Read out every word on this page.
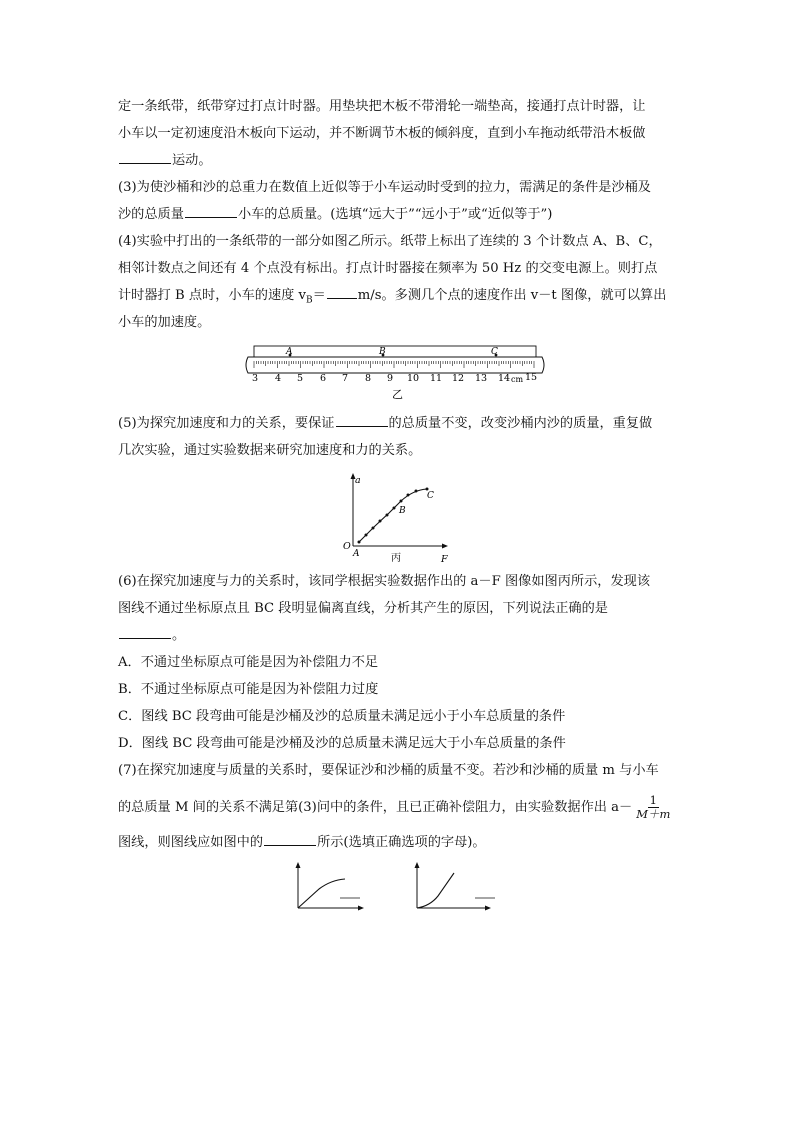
定一条纸带，纸带穿过打点计时器。用垫块把木板不带滑轮一端垫高，接通打点计时器，让

小车以一定初速度沿木板向下运动，并不断调节木板的倾斜度，直到小车拖动纸带沿木板做

运动。

(3)为使沙桶和沙的总重力在数值上近似等于小车运动时受到的拉力，需满足的条件是沙桶及

沙的总质量	小车的总质量。(选填“远大于”“远小于”或“近似等于”)

(4)实验中打出的一条纸带的一部分如图乙所示。纸带上标出了连续的 3 个计数点 A、B、C，

相邻计数点之间还有 4 个点没有标出。打点计时器接在频率为 50 Hz 的交变电源上。则打点

计时器打 B 点时，小车的速度 $v_B= m/s$。多测几个点的速度作出 v－t 图像，就可以算出

小车的加速度。

A	B	C
3 4 5 6 7 8 9 10 11 12 13 14 cm 15
乙

(5)为探究加速度和力的关系，要保证	的总质量不变，改变沙桶内沙的质量，重复做

几次实验，通过实验数据来研究加速度和力的关系。

a
F
O
A
B
C
丙

(6)在探究加速度与力的关系时，该同学根据实验数据作出的 a－F 图像如图丙所示，发现该

图线不通过坐标原点且 BC 段明显偏离直线，分析其产生的原因，下列说法正确的是

。

A．不通过坐标原点可能是因为补偿阻力不足

B．不通过坐标原点可能是因为补偿阻力过度

C．图线 BC 段弯曲可能是沙桶及沙的总质量未满足远小于小车总质量的条件

D．图线 BC 段弯曲可能是沙桶及沙的总质量未满足远大于小车总质量的条件

(7)在探究加速度与质量的关系时，要保证沙和沙桶的质量不变。若沙和沙桶的质量 m 与小车

的总质量 M 间的关系不满足第(3)问中的条件，且已正确补偿阻力，由实验数据作出 $a- \frac{1}{M+m}$

图线，则图线应如图中的	所示(选填正确选项的字母)。
